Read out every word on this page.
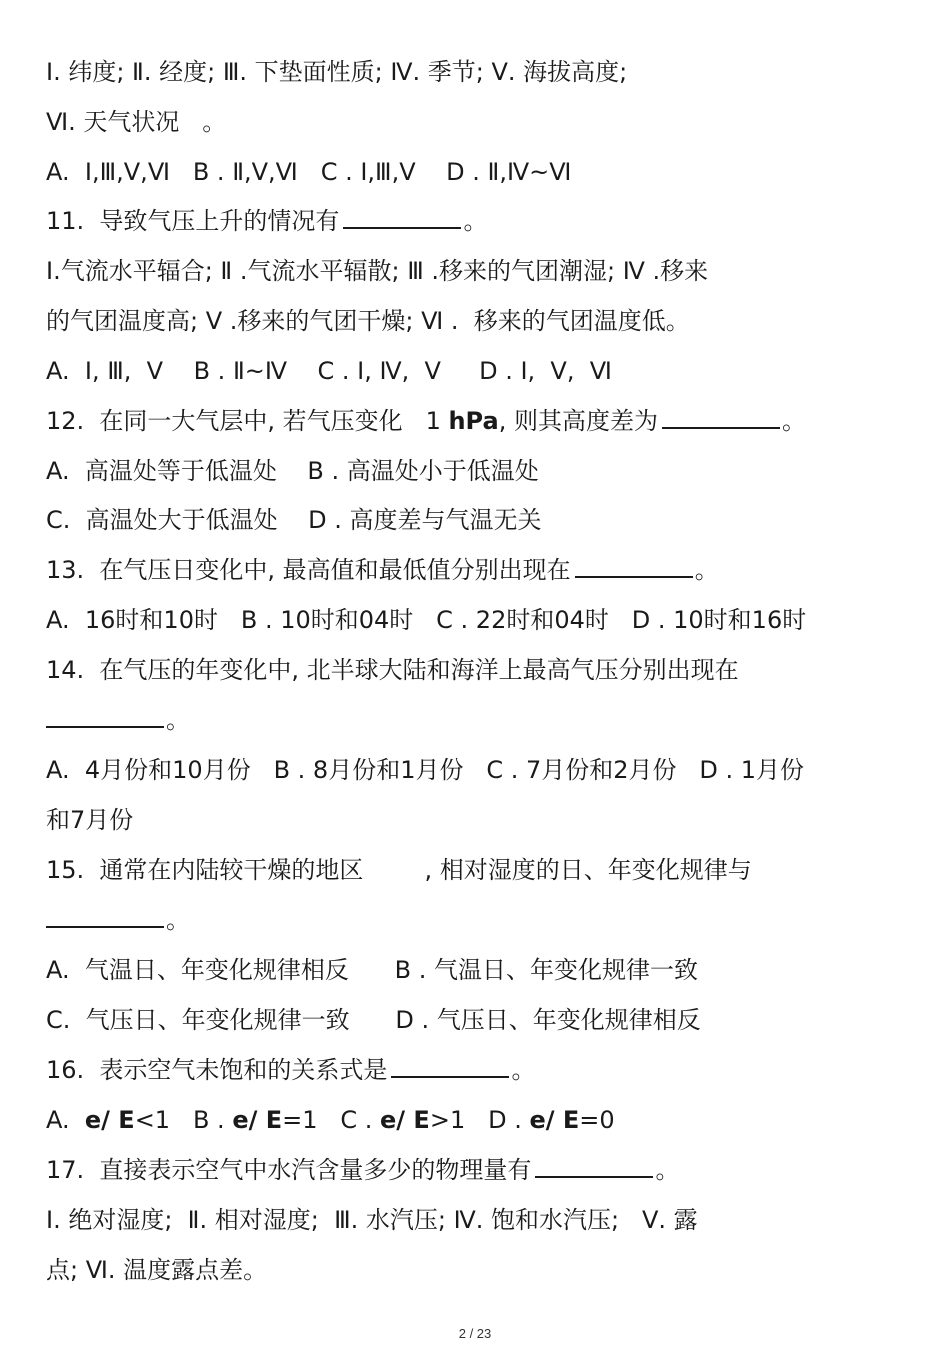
Ⅰ. 纬度; Ⅱ. 经度; Ⅲ. 下垫面性质; Ⅳ. 季节; Ⅴ. 海拔高度;
Ⅵ. 天气状况   。
A.  Ⅰ,Ⅲ,Ⅴ,Ⅵ   B . Ⅱ,Ⅴ,Ⅵ   C . Ⅰ,Ⅲ,Ⅴ    D . Ⅱ,Ⅳ~Ⅵ
11.  导致气压上升的情况有	。
Ⅰ.气流水平辐合; Ⅱ .气流水平辐散; Ⅲ .移来的气团潮湿; Ⅳ .移来
的气团温度高; Ⅴ .移来的气团干燥; Ⅵ .  移来的气团温度低。
A.  Ⅰ, Ⅲ,  Ⅴ    B . Ⅱ~Ⅳ    C . Ⅰ, Ⅳ,  Ⅴ     D . Ⅰ,  Ⅴ,  Ⅵ
12.  在同一大气层中, 若气压变化   1 hPa, 则其高度差为	。
A.  高温处等于低温处    B . 高温处小于低温处
C.  高温处大于低温处    D . 高度差与气温无关
13.  在气压日变化中, 最高值和最低值分别出现在	。
A.  16时和10时   B . 10时和04时   C . 22时和04时   D . 10时和16时
14.  在气压的年变化中, 北半球大陆和海洋上最高气压分别出现在
。
A.  4月份和10月份   B . 8月份和1月份   C . 7月份和2月份   D . 1月份
和7月份
15.  通常在内陆较干燥的地区        , 相对湿度的日、年变化规律与
。
A.  气温日、年变化规律相反      B . 气温日、年变化规律一致
C.  气压日、年变化规律一致      D . 气压日、年变化规律相反
16.  表示空气未饱和的关系式是	。
A.  e/ E<1   B . e/ E=1   C . e/ E>1   D . e/ E=0
17.  直接表示空气中水汽含量多少的物理量有	。
Ⅰ. 绝对湿度;  Ⅱ. 相对湿度;  Ⅲ. 水汽压; Ⅳ. 饱和水汽压;   Ⅴ. 露
点; Ⅵ. 温度露点差。
2 / 23
